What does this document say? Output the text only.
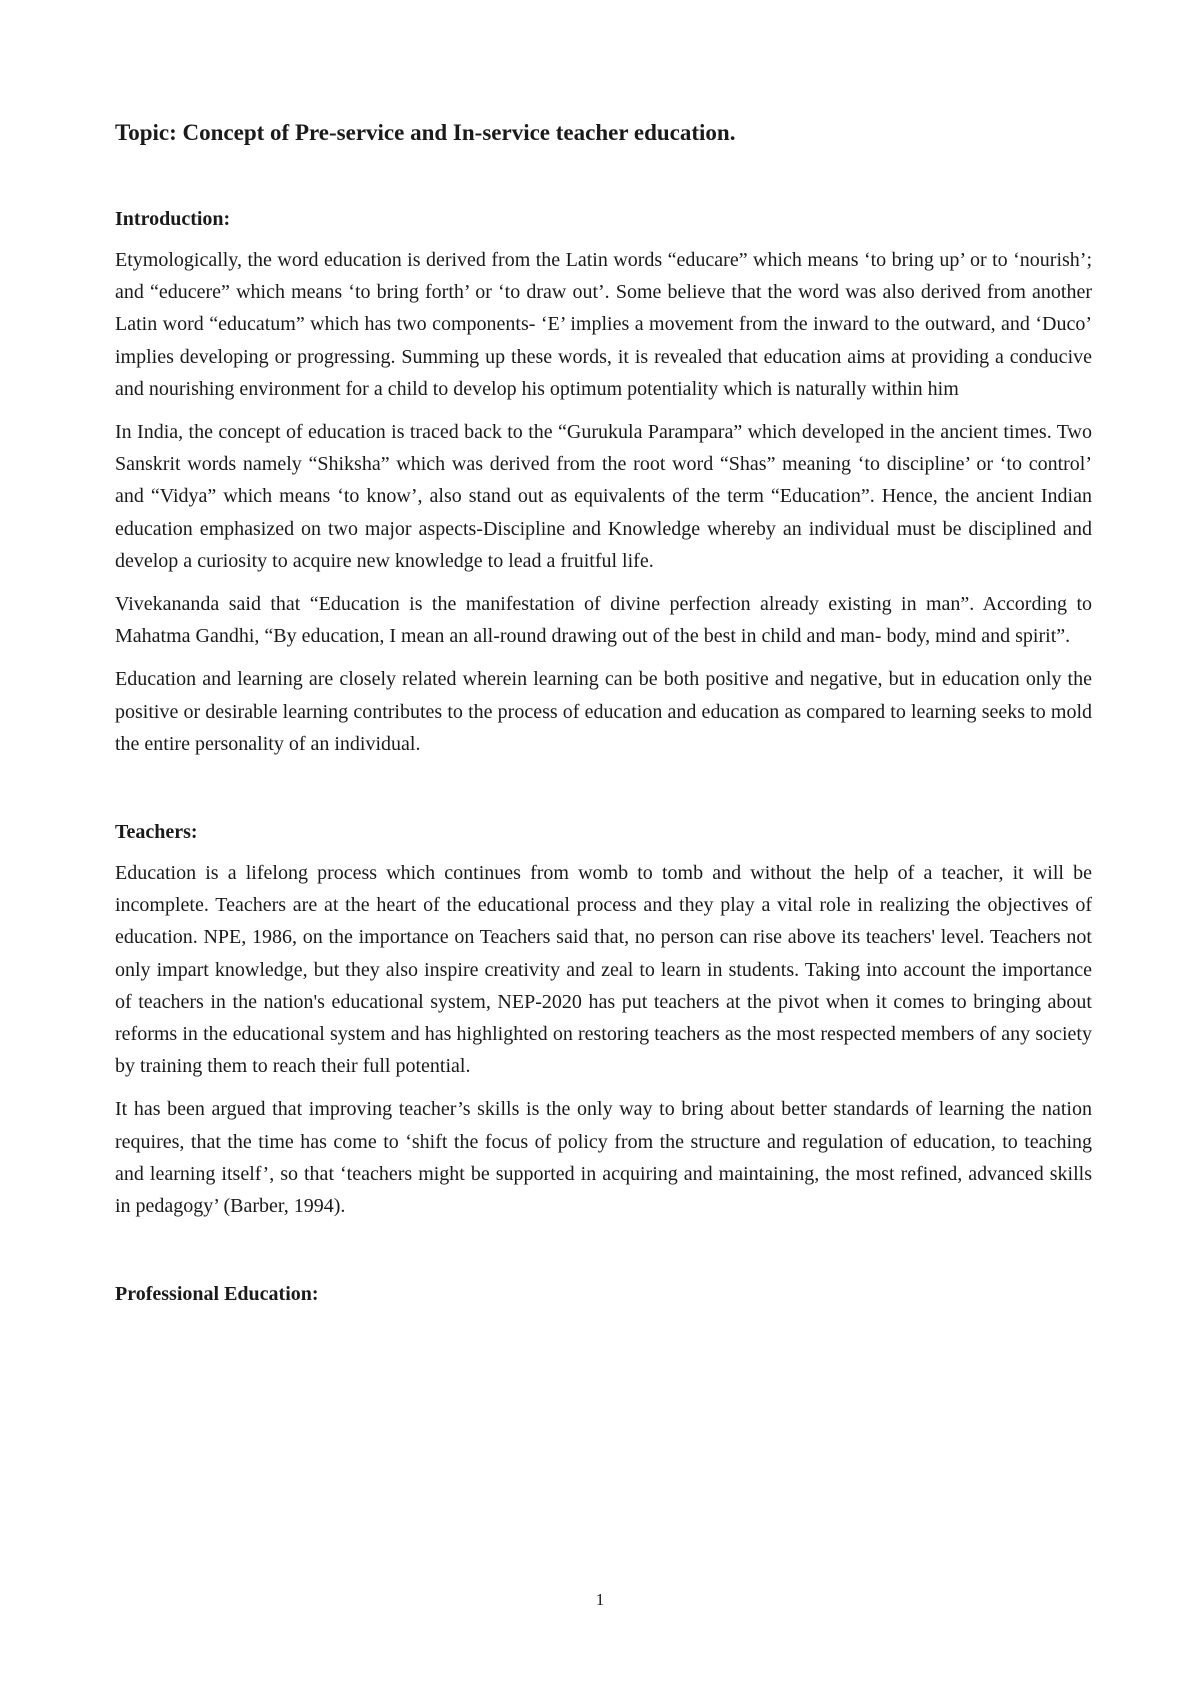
Topic: Concept of Pre-service and In-service teacher education.
Introduction:

Etymologically, the word education is derived from the Latin words “educare” which means ‘to bring up’ or to ‘nourish’; and “educere” which means ‘to bring forth’ or ‘to draw out’. Some believe that the word was also derived from another Latin word “educatum” which has two components- ‘E’ implies a movement from the inward to the outward, and ‘Duco’ implies developing or progressing. Summing up these words, it is revealed that education aims at providing a conducive and nourishing environment for a child to develop his optimum potentiality which is naturally within him

In India, the concept of education is traced back to the “Gurukula Parampara” which developed in the ancient times. Two Sanskrit words namely “Shiksha” which was derived from the root word “Shas” meaning ‘to discipline’ or ‘to control’ and “Vidya” which means ‘to know’, also stand out as equivalents of the term “Education”. Hence, the ancient Indian education emphasized on two major aspects-Discipline and Knowledge whereby an individual must be disciplined and develop a curiosity to acquire new knowledge to lead a fruitful life.

Vivekananda said that “Education is the manifestation of divine perfection already existing in man”. According to Mahatma Gandhi, “By education, I mean an all-round drawing out of the best in child and man- body, mind and spirit”.

Education and learning are closely related wherein learning can be both positive and negative, but in education only the positive or desirable learning contributes to the process of education and education as compared to learning seeks to mold the entire personality of an individual.

Teachers:

Education is a lifelong process which continues from womb to tomb and without the help of a teacher, it will be incomplete. Teachers are at the heart of the educational process and they play a vital role in realizing the objectives of education. NPE, 1986, on the importance on Teachers said that, no person can rise above its teachers' level. Teachers not only impart knowledge, but they also inspire creativity and zeal to learn in students. Taking into account the importance of teachers in the nation's educational system, NEP-2020 has put teachers at the pivot when it comes to bringing about reforms in the educational system and has highlighted on restoring teachers as the most respected members of any society by training them to reach their full potential.

It has been argued that improving teacher’s skills is the only way to bring about better standards of learning the nation requires, that the time has come to ‘shift the focus of policy from the structure and regulation of education, to teaching and learning itself’, so that ‘teachers might be supported in acquiring and maintaining, the most refined, advanced skills in pedagogy’ (Barber, 1994).

Professional Education:
1
